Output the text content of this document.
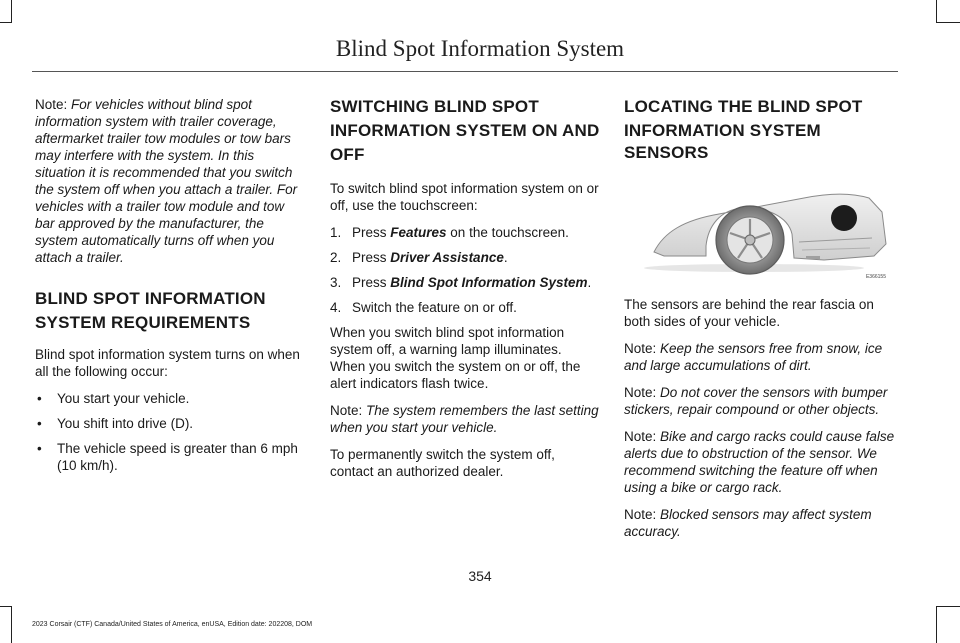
Blind Spot Information System

Note: For vehicles without blind spot information system with trailer coverage, aftermarket trailer tow modules or tow bars may interfere with the system. In this situation it is recommended that you switch the system off when you attach a trailer. For vehicles with a trailer tow module and tow bar approved by the manufacturer, the system automatically turns off when you attach a trailer.

BLIND SPOT INFORMATION
SYSTEM REQUIREMENTS

Blind spot information system turns on when all the following occur:

• You start your vehicle.
• You shift into drive (D).
• The vehicle speed is greater than 6 mph (10 km/h).
SWITCHING BLIND SPOT
INFORMATION SYSTEM ON AND
OFF

To switch blind spot information system on or off, use the touchscreen:

1. Press Features on the touchscreen.
2. Press Driver Assistance.
3. Press Blind Spot Information System.
4. Switch the feature on or off.

When you switch blind spot information system off, a warning lamp illuminates. When you switch the system on or off, the alert indicators flash twice.

Note: The system remembers the last setting when you start your vehicle.

To permanently switch the system off, contact an authorized dealer.

LOCATING THE BLIND SPOT
INFORMATION SYSTEM SENSORS
E366155

The sensors are behind the rear fascia on both sides of your vehicle.

Note: Keep the sensors free from snow, ice and large accumulations of dirt.

Note: Do not cover the sensors with bumper stickers, repair compound or other objects.

Note: Bike and cargo racks could cause false alerts due to obstruction of the sensor. We recommend switching the feature off when using a bike or cargo rack.

Note: Blocked sensors may affect system accuracy.

354
2023 Corsair (CTF) Canada/United States of America, enUSA, Edition date: 202208, DOM
